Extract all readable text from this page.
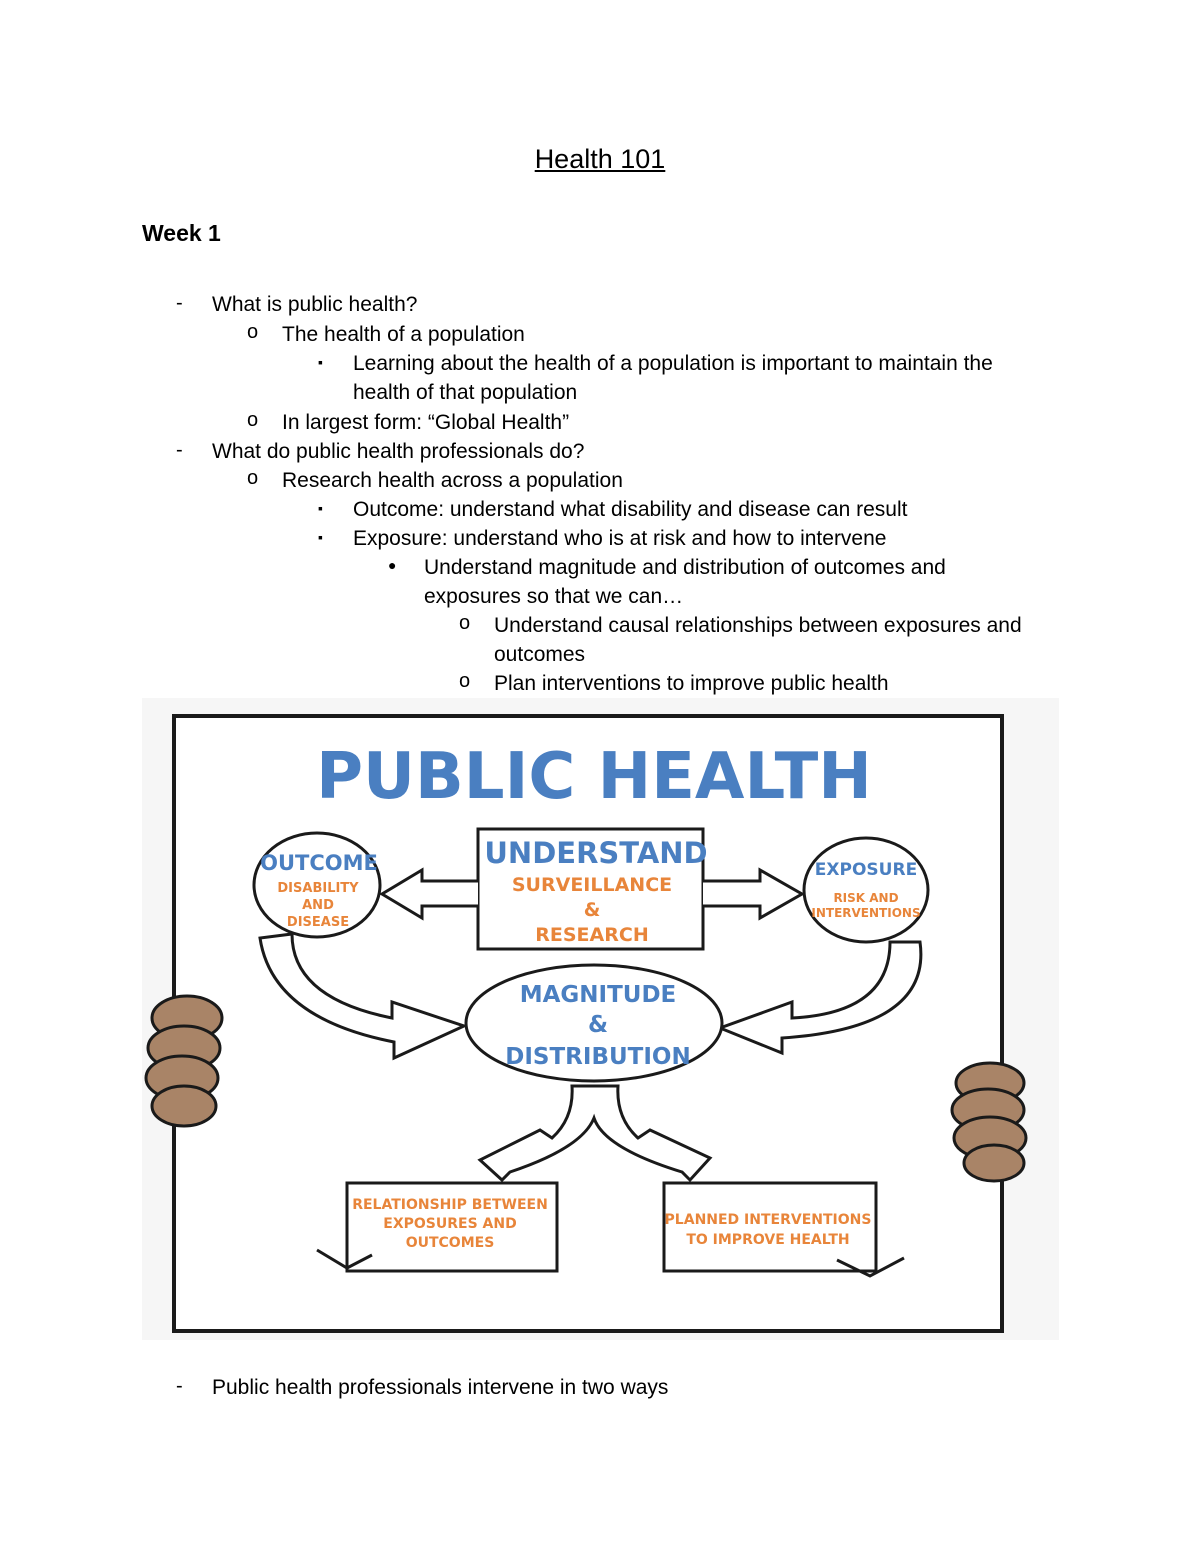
Health 101
Week 1
- What is public health?
o The health of a population
▪ Learning about the health of a population is important to maintain the health of that population
o In largest form: “Global Health”
- What do public health professionals do?
o Research health across a population
▪ Outcome: understand what disability and disease can result
▪ Exposure: understand who is at risk and how to intervene
● Understand magnitude and distribution of outcomes and exposures so that we can…
o Understand causal relationships between exposures and outcomes
o Plan interventions to improve public health
PUBLIC HEALTH
UNDERSTAND
SURVEILLANCE
&
RESEARCH
OUTCOME
DISABILITY
AND
DISEASE
EXPOSURE
RISK AND
INTERVENTIONS
MAGNITUDE
&
DISTRIBUTION
RELATIONSHIP BETWEEN
EXPOSURES AND
OUTCOMES
PLANNED INTERVENTIONS
TO IMPROVE HEALTH
- Public health professionals intervene in two ways
